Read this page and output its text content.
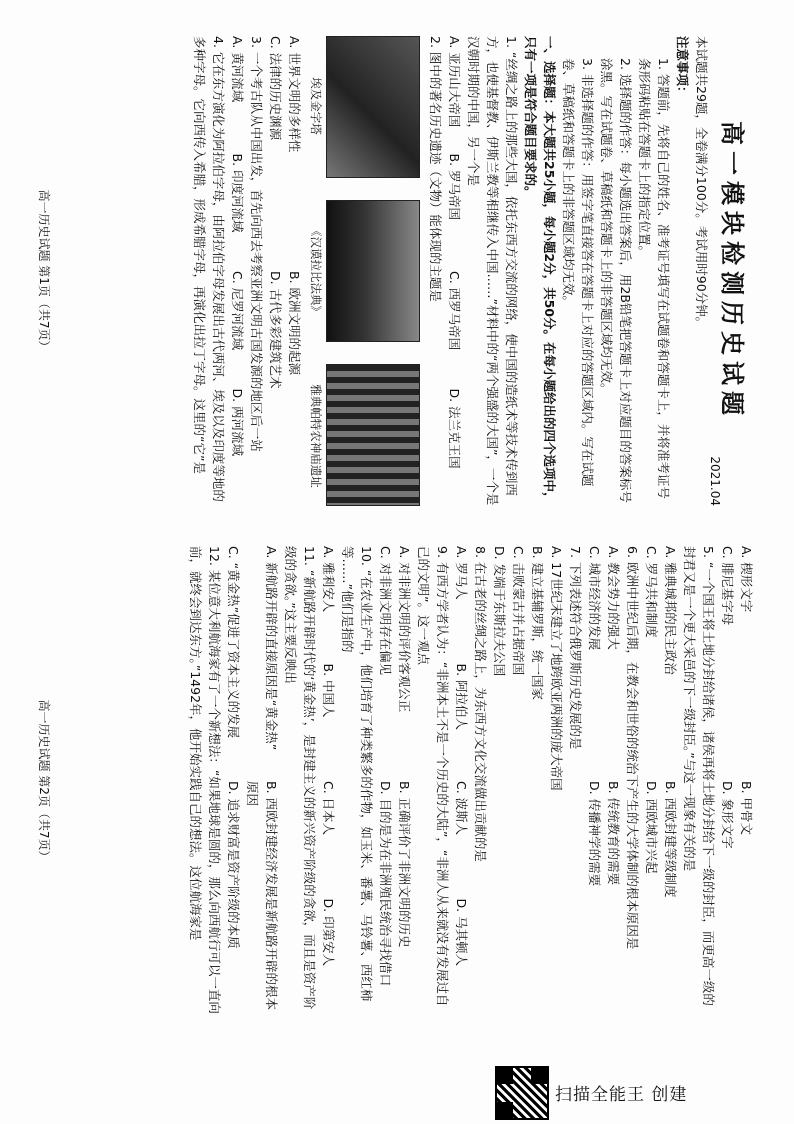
高一模块检测历史试题
2021.04

本试题共29题，全卷满分100分。考试用时90分钟。

注意事项：

1. 答题前，先将自己的姓名、准考证号填写在试题卷和答题卡上，并将准考证号条形码粘贴在答题卡上的指定位置。

2. 选择题的作答：每小题选出答案后，用2B铅笔把答题卡上对应题目的答案标号涂黑。写在试题卷、草稿纸和答题卡上的非答题区域均无效。

3. 非选择题的作答：用签字笔直接答在答题卡上对应的答题区域内。写在试题卷、草稿纸和答题卡上的非答题区域均无效。

一、选择题：本大题共25小题，每小题2分，共50分。在每小题给出的四个选项中，只有一项是符合题目要求的。

1. “丝绸之路上的那些大国，依托东西方交流的网络，使中国的造纸术等技术传到西方，也使基督教、伊斯兰教等相继传入中国……”材料中的“两个强盛的大国”，一个是汉朝时期的中国，另一个是

A. 亚历山大帝国
B. 罗马帝国
C. 西罗马帝国
D. 法兰克王国

2. 图中的著名历史遗迹（文物）能体现的主题是

埃及金字塔
《汉谟拉比法典》
雅典帕特农神庙遗址
A. 世界文明的多样性
B. 欧洲文明的起源
C. 法律的历史渊源
D. 古代多彩建筑艺术

3. 一个考古队从中国出发，首先向西去考察亚洲文明古国发源的地区后一站

A. 黄河流域
B. 印度河流域
C. 尼罗河流域
D. 两河流域

4. 它在东方演化为阿拉伯字母，由阿拉伯字母发展出古代两河、埃及以及印度等地的多种字母。它向西传入希腊，形成希腊字母，再演化出拉丁字母。这里的“它”是

高一历史试题 第1页（共7页）
A. 楔形文字
B. 甲骨文
C. 腓尼基字母
D. 象形文字

5. “一个国王将土地分封给诸侯，诸侯再将土地分封给下一级的封臣，而更高一级的封君又是一个更大采邑的下一级封臣。”与这一现象有关的是

A. 雅典城邦的民主政治
B. 西欧封建等级制度
C. 罗马共和制度
D. 西欧城市兴起

6. 欧洲中世纪后期，在教会和世俗的统治下产生的大学体制的根本原因是

A. 教会势力的强大
B. 传统教育的需要
C. 城市经济的发展
D. 传播神学的需要

7. 下列表述符合俄罗斯历史发展的是

A. 17世纪末建立了地跨欧亚两洲的庞大帝国

B. 建立基辅罗斯，统一国家

C. 击败蒙古并占据帝国

D. 发端于东斯拉夫公国

8. 在古老的丝绸之路上，为东西方文化交流做出贡献的是

A. 罗马人
B. 阿拉伯人
C. 波斯人
D. 马其顿人

9. 有西方学者认为：“非洲本土不是一个历史的大陆”，“非洲人从来就没有发展过自己的文明”。这一观点

A. 对非洲文明的评价客观公正
B. 正确评价了非洲文明的历史
C. 对非洲文明存在偏见
D. 目的是为在非洲殖民统治寻找借口

10. “在农业生产中，他们培育了种类繁多的作物，如玉米、番薯、马铃薯、西红柿等……”他们是指的

A. 雅利安人
B. 中国人
C. 日本人
D. 印第安人

11. “新航路开辟时代的‘黄金热’，是封建主义的新兴资产阶级的贪欲，而且是资产阶级的贪欲。”这主要反映出

A. 新航路开辟的直接原因是“黄金热”
B. 西欧封建经济发展是新航路开辟的根本原因
C. “黄金热”促进了资本主义的发展
D. 追求财富是资产阶级的本质

12. 某位意大利航海家有了一个新想法：“如果地球是圆的，那么向西航行可以一直向前，就终会到达东方。”1492年，他开始实践自己的想法。这位航海家是

高一历史试题 第2页（共7页）
扫描全能王 创建
